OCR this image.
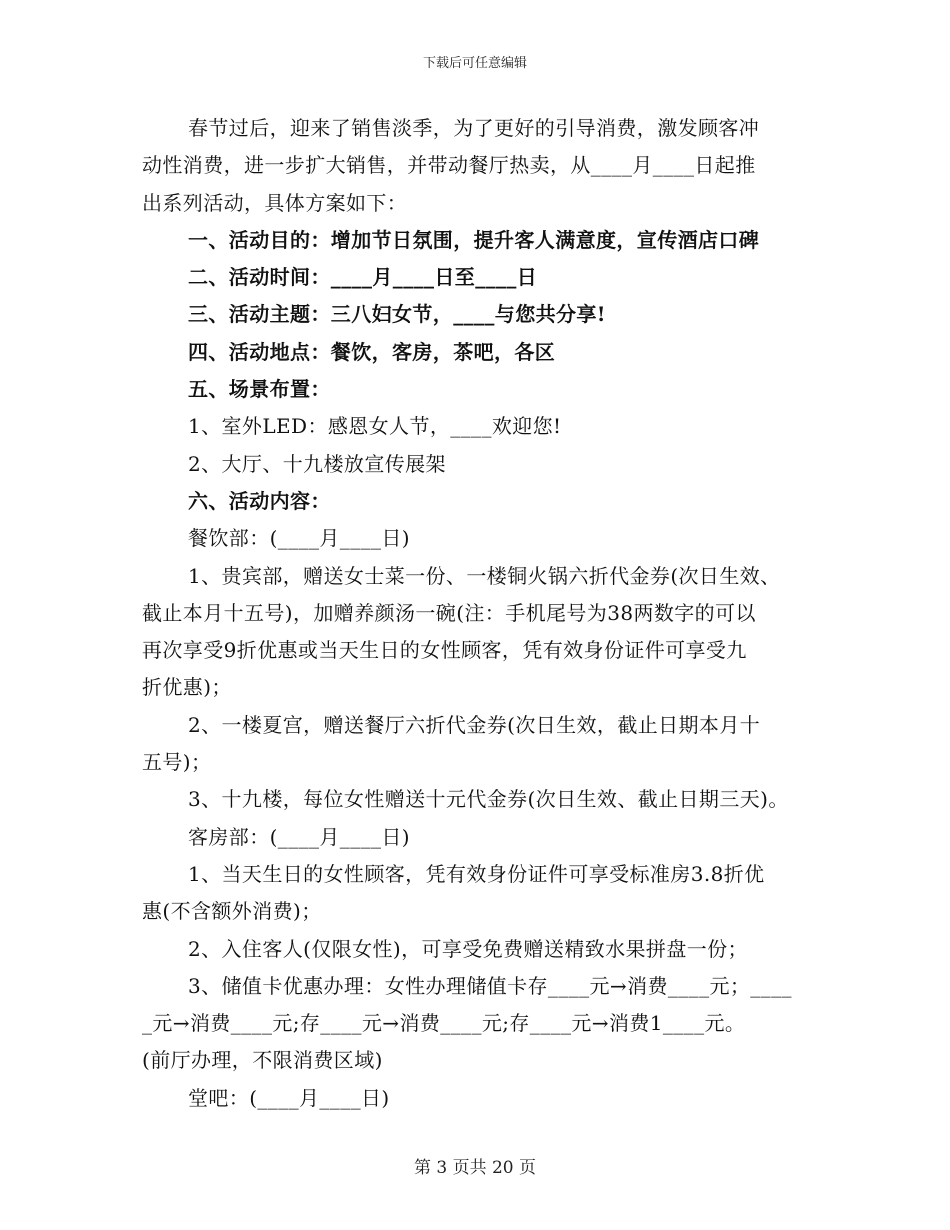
下载后可任意编辑
春节过后，迎来了销售淡季，为了更好的引导消费，激发顾客冲
动性消费，进一步扩大销售，并带动餐厅热卖，从____月____日起推
出系列活动，具体方案如下：
一、活动目的：增加节日氛围，提升客人满意度，宣传酒店口碑
二、活动时间：____月____日至____日
三、活动主题：三八妇女节，____与您共分享!
四、活动地点：餐饮，客房，茶吧，各区
五、场景布置：
1、室外LED：感恩女人节，____欢迎您!
2、大厅、十九楼放宣传展架
六、活动内容：
餐饮部：(____月____日)
1、贵宾部，赠送女士菜一份、一楼铜火锅六折代金券(次日生效、
截止本月十五号)，加赠养颜汤一碗(注：手机尾号为38两数字的可以
再次享受9折优惠或当天生日的女性顾客，凭有效身份证件可享受九
折优惠)；
2、一楼夏宫，赠送餐厅六折代金券(次日生效，截止日期本月十
五号)；
3、十九楼，每位女性赠送十元代金券(次日生效、截止日期三天)。
客房部：(____月____日)
1、当天生日的女性顾客，凭有效身份证件可享受标准房3.8折优
惠(不含额外消费)；
2、入住客人(仅限女性)，可享受免费赠送精致水果拼盘一份；
3、储值卡优惠办理：女性办理储值卡存____元→消费____元；____
_元→消费____元;存____元→消费____元;存____元→消费1____元。
(前厅办理，不限消费区域)
堂吧：(____月____日)
第 3 页共 20 页
